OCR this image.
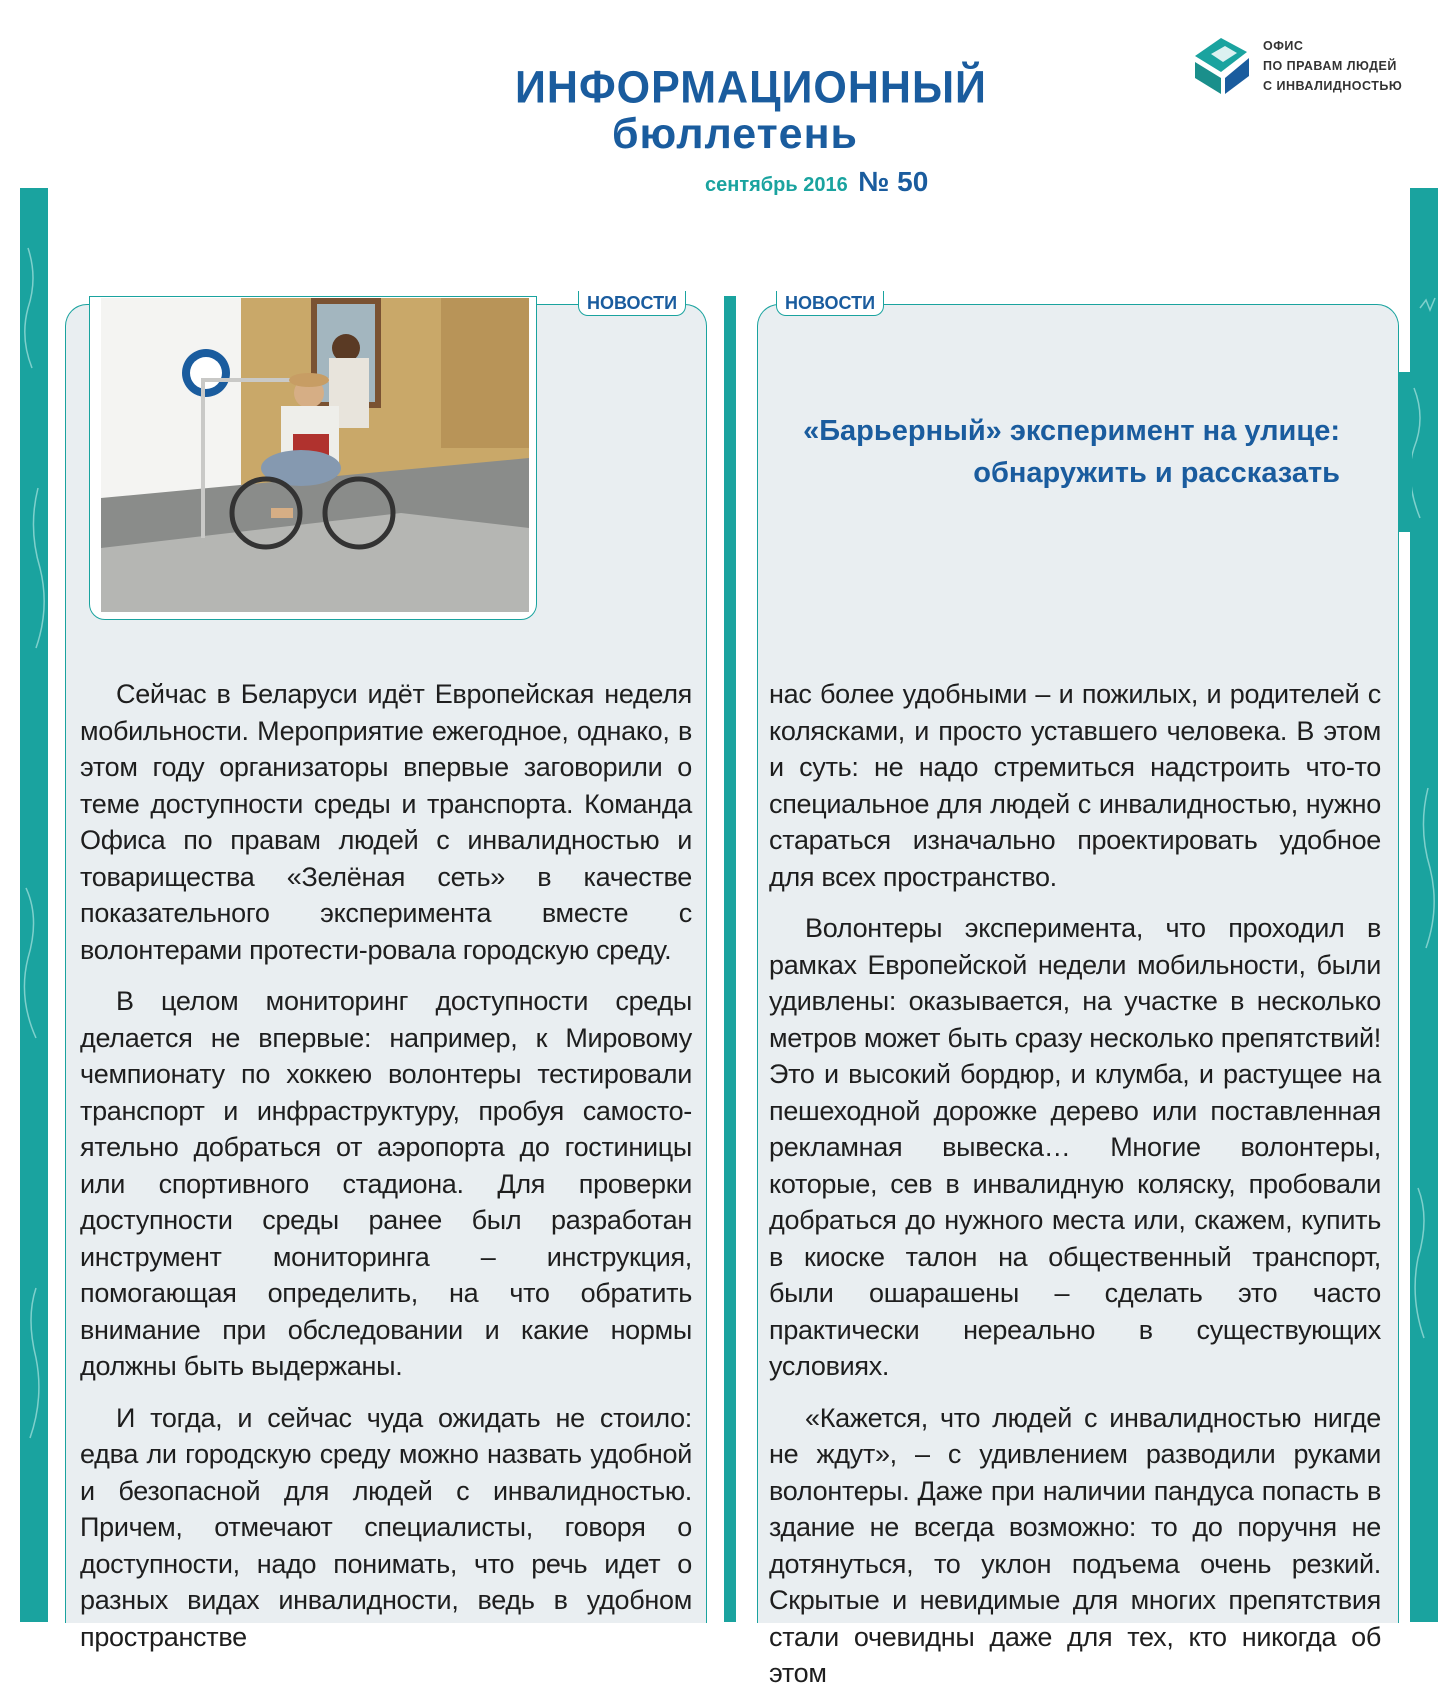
ИНФОРМАЦИОННЫЙ
бюллетень
сентябрь 2016 № 50
ОФИС
ПО ПРАВАМ ЛЮДЕЙ
С ИНВАЛИДНОСТЬЮ
НОВОСТИ	НОВОСТИ
«Барьерный» эксперимент на улице:
обнаружить и рассказать

Сейчас в Беларуси идёт Европейская неделя мобильности. Мероприятие ежегодное, однако, в этом году организаторы впервые заговорили о теме доступности среды и транспорта. Команда Офиса по правам людей с инвалидностью и товарищества «Зелёная сеть» в качестве показательного эксперимента вместе с волонтерами протести-ровала городскую среду.

В целом мониторинг доступности среды делается не впервые: например, к Мировому чемпионату по хоккею волонтеры тестировали транспорт и инфраструктуру, пробуя самосто-ятельно добраться от аэропорта до гостиницы или спортивного стадиона. Для проверки доступности среды ранее был разработан инструмент мониторинга – инструкция, помогающая определить, на что обратить внимание при обследовании и какие нормы должны быть выдержаны.

И тогда, и сейчас чуда ожидать не стоило: едва ли городскую среду можно назвать удобной и безопасной для людей с инвалидностью. Причем, отмечают специалисты, говоря о доступности, надо понимать, что речь идет о разных видах инвалидности, ведь в удобном пространстве

нас более удобными – и пожилых, и родителей с колясками, и просто уставшего человека. В этом и суть: не надо стремиться надстроить что-то специальное для людей с инвалидностью, нужно стараться изначально проектировать удобное для всех пространство.

Волонтеры эксперимента, что проходил в рамках Европейской недели мобильности, были удивлены: оказывается, на участке в несколько метров может быть сразу несколько препятствий! Это и высокий бордюр, и клумба, и растущее на пешеходной дорожке дерево или поставленная рекламная вывеска… Многие волонтеры, которые, сев в инвалидную коляску, пробовали добраться до нужного места или, скажем, купить в киоске талон на общественный транспорт, были ошарашены – сделать это часто практически нереально в существующих условиях.

«Кажется, что людей с инвалидностью нигде не ждут», – с удивлением разводили руками волонтеры. Даже при наличии пандуса попасть в здание не всегда возможно: то до поручня не дотянуться, то уклон подъема очень резкий. Скрытые и невидимые для многих препятствия стали очевидны даже для тех, кто никогда об этом
